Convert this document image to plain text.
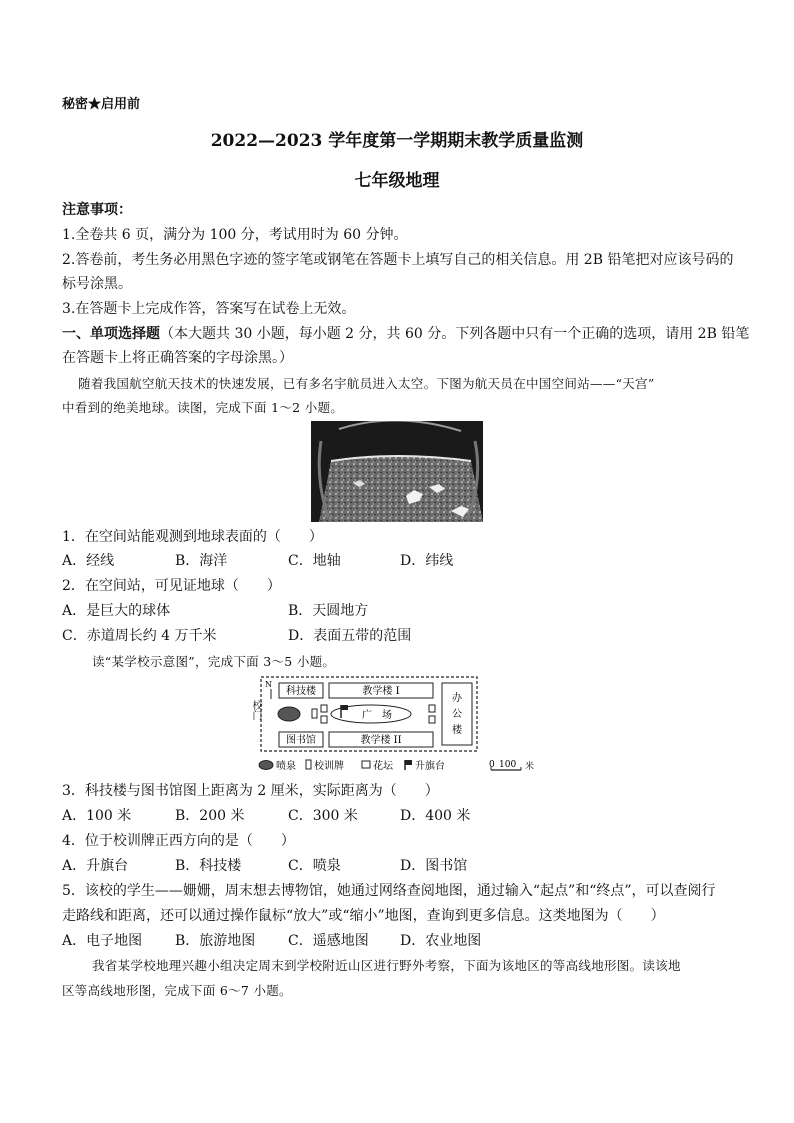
秘密★启用前
2022—2023 学年度第一学期期末教学质量监测
七年级地理
注意事项：
1.全卷共 6 页，满分为 100 分，考试用时为 60 分钟。
2.答卷前，考生务必用黑色字迹的签字笔或钢笔在答题卡上填写自己的相关信息。用 2B 铅笔把对应该号码的
标号涂黑。
3.在答题卡上完成作答，答案写在试卷上无效。
一、单项选择题（本大题共 30 小题，每小题 2 分，共 60 分。下列各题中只有一个正确的选项，请用 2B 铅笔
在答题卡上将正确答案的字母涂黑。）
随着我国航空航天技术的快速发展，已有多名宇航员进入太空。下图为航天员在中国空间站——“天宫”
中看到的绝美地球。读图，完成下面 1～2 小题。
1．在空间站能观测到地球表面的（　　）
A．经线	B．海洋	C．地轴	D．纬线
2．在空间站，可见证地球（　　）
A．是巨大的球体	B．天圆地方
C．赤道周长约 4 万千米	D．表面五带的范围
读“某学校示意图”，完成下面 3～5 小题。
科技楼	教学楼 I
办
公
楼
广　场
图书馆	教学楼 II
N
校门
喷泉 校训牌	花坛 升旗台	0 100 米
3．科技楼与图书馆图上距离为 2 厘米，实际距离为（　　）
A．100 米	B．200 米	C．300 米	D．400 米
4．位于校训牌正西方向的是（　　）
A．升旗台	B．科技楼	C．喷泉	D．图书馆
5．该校的学生——姗姗，周末想去博物馆，她通过网络查阅地图，通过输入“起点”和“终点”，可以查阅行
走路线和距离，还可以通过操作鼠标“放大”或“缩小”地图，查询到更多信息。这类地图为（　　）
A．电子地图 B．旅游地图 C．遥感地图 D．农业地图
我省某学校地理兴趣小组决定周末到学校附近山区进行野外考察，下面为该地区的等高线地形图。读该地
区等高线地形图，完成下面 6～7 小题。
